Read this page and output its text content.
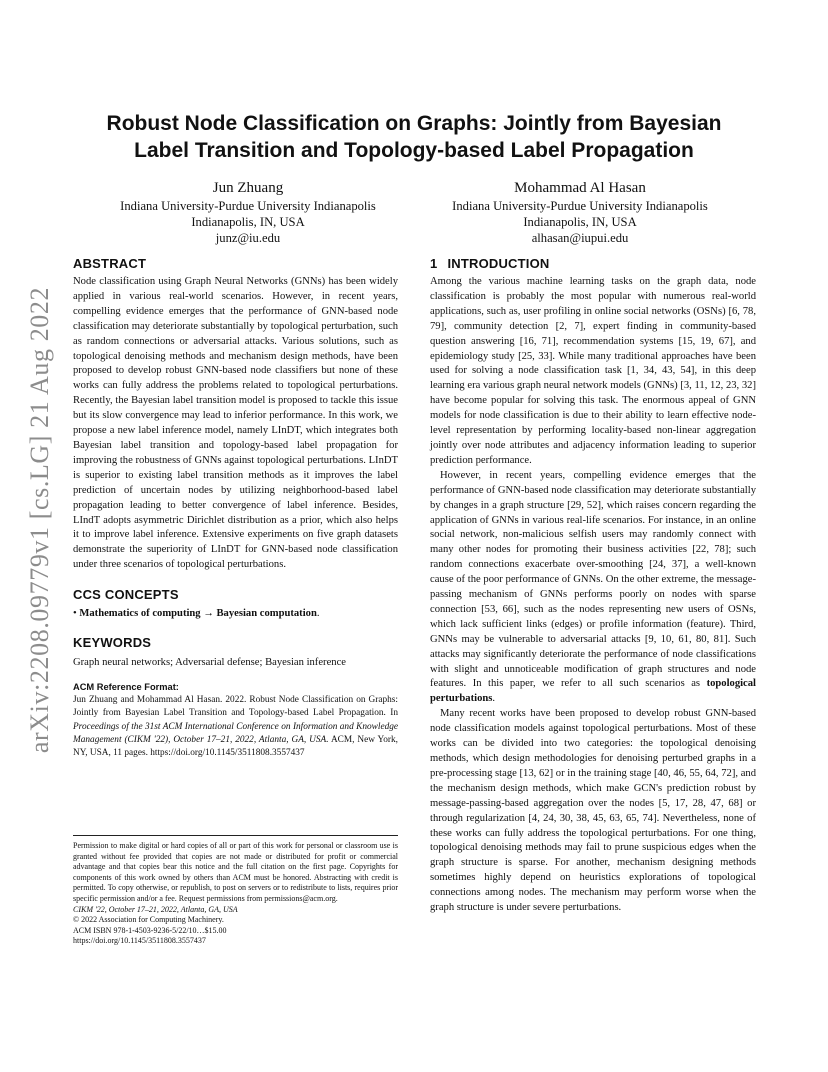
arXiv:2208.09779v1 [cs.LG] 21 Aug 2022
Robust Node Classification on Graphs: Jointly from Bayesian
Label Transition and Topology-based Label Propagation
Jun Zhuang
Indiana University-Purdue University Indianapolis
Indianapolis, IN, USA
junz@iu.edu
Mohammad Al Hasan
Indiana University-Purdue University Indianapolis
Indianapolis, IN, USA
alhasan@iupui.edu
ABSTRACT

Node classification using Graph Neural Networks (GNNs) has been widely applied in various real-world scenarios. However, in recent years, compelling evidence emerges that the performance of GNN-based node classification may deteriorate substantially by topological perturbation, such as random connections or adversarial attacks. Various solutions, such as topological denoising methods and mechanism design methods, have been proposed to develop robust GNN-based node classifiers but none of these works can fully address the problems related to topological perturbations. Recently, the Bayesian label transition model is proposed to tackle this issue but its slow convergence may lead to inferior performance. In this work, we propose a new label inference model, namely LInDT, which integrates both Bayesian label transition and topology-based label propagation for improving the robustness of GNNs against topological perturbations. LInDT is superior to existing label transition methods as it improves the label prediction of uncertain nodes by utilizing neighborhood-based label propagation leading to better convergence of label inference. Besides, LIndT adopts asymmetric Dirichlet distribution as a prior, which also helps it to improve label inference. Extensive experiments on five graph datasets demonstrate the superiority of LInDT for GNN-based node classification under three scenarios of topological perturbations.

CCS CONCEPTS
• Mathematics of computing → Bayesian computation.
KEYWORDS

Graph neural networks; Adversarial defense; Bayesian inference

ACM Reference Format:

Jun Zhuang and Mohammad Al Hasan. 2022. Robust Node Classification on Graphs: Jointly from Bayesian Label Transition and Topology-based Label Propagation. In Proceedings of the 31st ACM International Conference on Information and Knowledge Management (CIKM '22), October 17–21, 2022, Atlanta, GA, USA. ACM, New York, NY, USA, 11 pages. https://doi.org/10.1145/3511808.3557437

Permission to make digital or hard copies of all or part of this work for personal or classroom use is granted without fee provided that copies are not made or distributed for profit or commercial advantage and that copies bear this notice and the full citation on the first page. Copyrights for components of this work owned by others than ACM must be honored. Abstracting with credit is permitted. To copy otherwise, or republish, to post on servers or to redistribute to lists, requires prior specific permission and/or a fee. Request permissions from permissions@acm.org.

CIKM '22, October 17–21, 2022, Atlanta, GA, USA

© 2022 Association for Computing Machinery.

ACM ISBN 978-1-4503-9236-5/22/10…$15.00

https://doi.org/10.1145/3511808.3557437

1 INTRODUCTION

Among the various machine learning tasks on the graph data, node classification is probably the most popular with numerous real-world applications, such as, user profiling in online social networks (OSNs) [6, 78, 79], community detection [2, 7], expert finding in community-based question answering [16, 71], recommendation systems [15, 19, 67], and epidemiology study [25, 33]. While many traditional approaches have been used for solving a node classification task [1, 34, 43, 54], in this deep learning era various graph neural network models (GNNs) [3, 11, 12, 23, 32] have become popular for solving this task. The enormous appeal of GNN models for node classification is due to their ability to learn effective node-level representation by performing locality-based non-linear aggregation jointly over node attributes and adjacency information leading to superior prediction performance.

However, in recent years, compelling evidence emerges that the performance of GNN-based node classification may deteriorate substantially by changes in a graph structure [29, 52], which raises concern regarding the application of GNNs in various real-life scenarios. For instance, in an online social network, non-malicious selfish users may randomly connect with many other nodes for promoting their business activities [22, 78]; such random connections exacerbate over-smoothing [24, 37], a well-known cause of the poor performance of GNNs. On the other extreme, the message-passing mechanism of GNNs performs poorly on nodes with sparse connection [53, 66], such as the nodes representing new users of OSNs, which lack sufficient links (edges) or profile information (feature). Third, GNNs may be vulnerable to adversarial attacks [9, 10, 61, 80, 81]. Such attacks may significantly deteriorate the performance of node classifications with slight and unnoticeable modification of graph structures and node features. In this paper, we refer to all such scenarios as topological perturbations.

Many recent works have been proposed to develop robust GNN-based node classification models against topological perturbations. Most of these works can be divided into two categories: the topological denoising methods, which design methodologies for denoising perturbed graphs in a pre-processing stage [13, 62] or in the training stage [40, 46, 55, 64, 72], and the mechanism design methods, which make GCN's prediction robust by message-passing-based aggregation over the nodes [5, 17, 28, 47, 68] or through regularization [4, 24, 30, 38, 45, 63, 65, 74]. Nevertheless, none of these works can fully address the topological perturbations. For one thing, topological denoising methods may fail to prune suspicious edges when the graph structure is sparse. For another, mechanism designing methods sometimes highly depend on heuristics explorations of topological connections among nodes. The mechanism may perform worse when the graph structure is under severe perturbations.
